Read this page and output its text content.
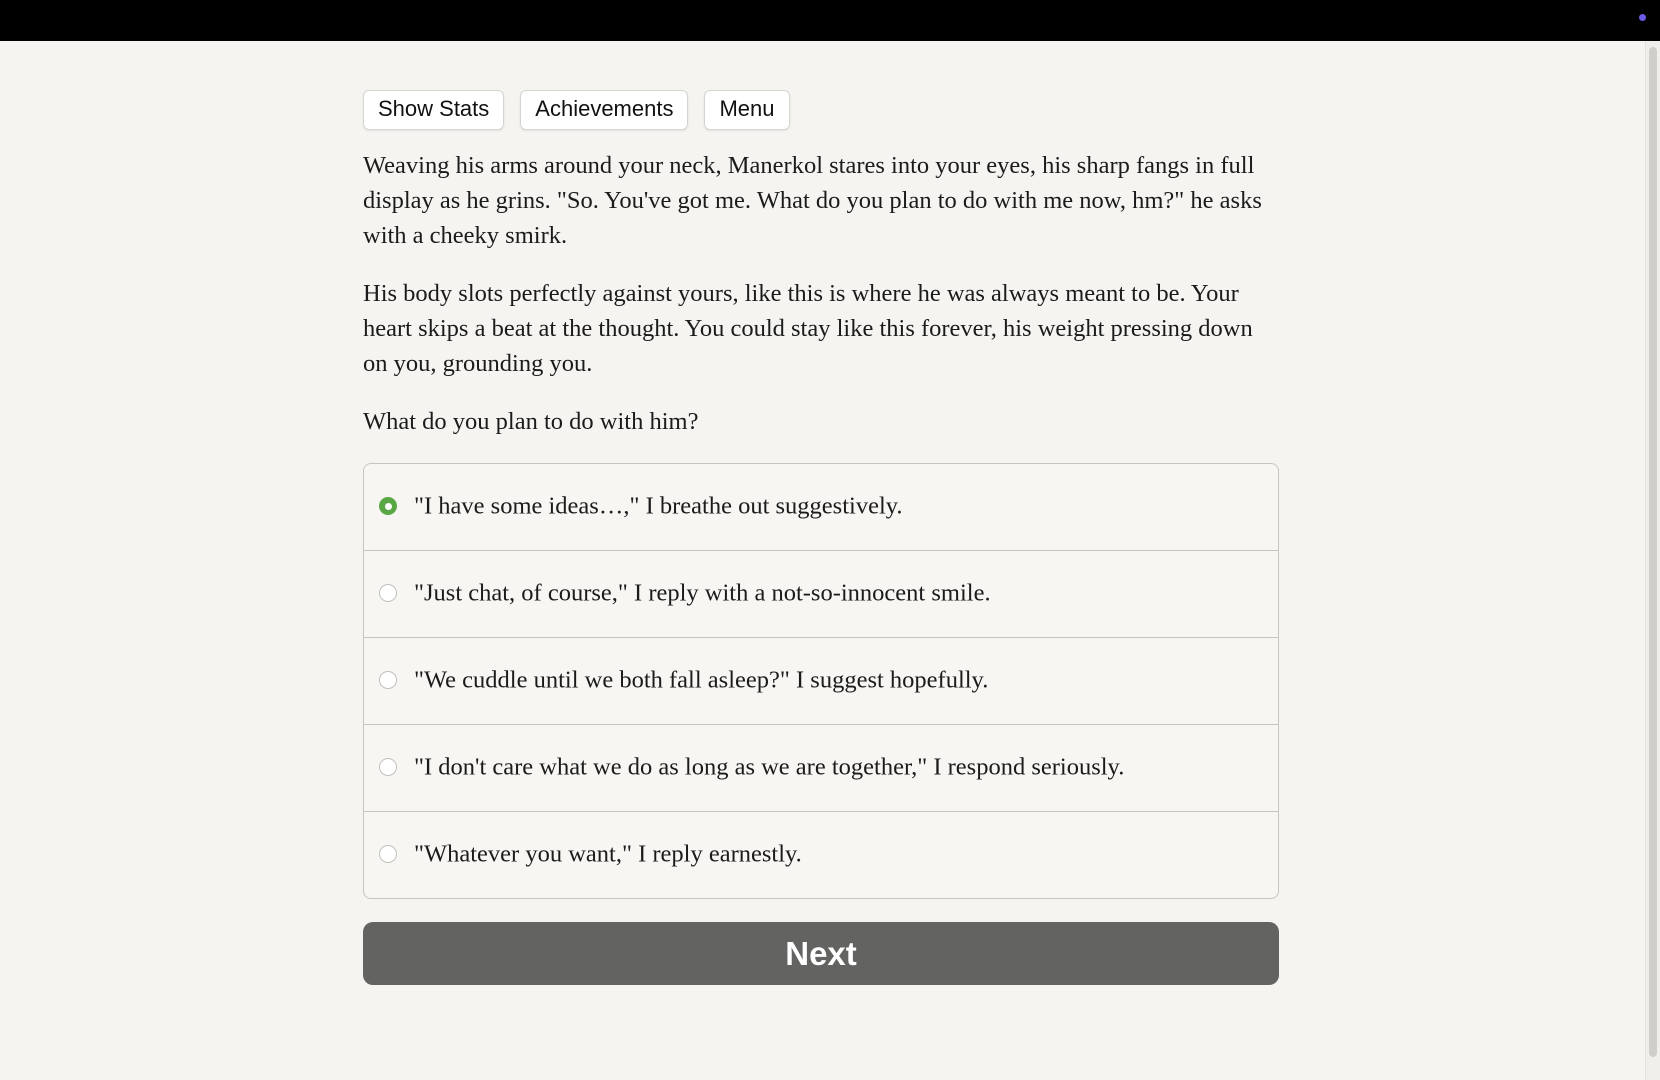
Show Stats	Achievements	Menu

Weaving his arms around your neck, Manerkol stares into your eyes, his sharp fangs in full display as he grins. "So. You've got me. What do you plan to do with me now, hm?" he asks with a cheeky smirk.

His body slots perfectly against yours, like this is where he was always meant to be. Your heart skips a beat at the thought. You could stay like this forever, his weight pressing down on you, grounding you.

What do you plan to do with him?

"I have some ideas…," I breathe out suggestively.
"Just chat, of course," I reply with a not-so-innocent smile.
"We cuddle until we both fall asleep?" I suggest hopefully.
"I don't care what we do as long as we are together," I respond seriously.
"Whatever you want," I reply earnestly.
Next
